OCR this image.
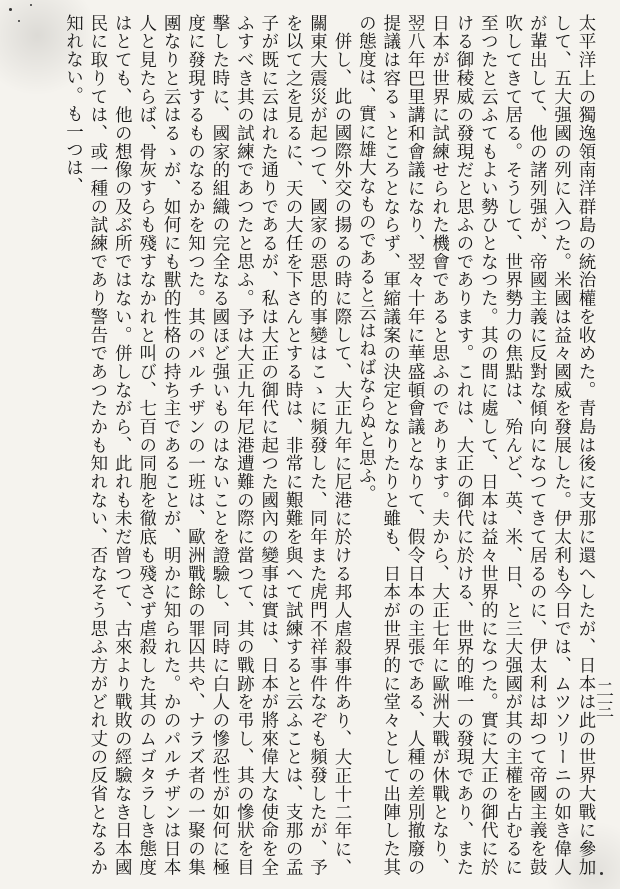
太平洋上の獨逸領南洋群島の統治權を收めた。青島は後に支那に還へしたが、日本は此の世界大戰に參加して、五大强國の列に入つた。米國は益々國威を發展した。伊太利も今日では、ムツソリーニの如き偉人が輩出して、他の諸列强が、帝國主義に反對な傾向になつてきて居るのに、伊太利は却つて帝國主義を鼓吹してきて居る。そうして、世界勢力の焦點は、殆んど、英、米、日、と三大强國が其の主權を占むるに至つたと云ふてもよい勢ひとなつた。其の間に處して、日本は益々世界的になつた。實に大正の御代に於ける御稜威の發現だと思ふのであります。これは、大正の御代に於ける、世界的唯一の發現であり、また日本が世界に試練せられた機會であると思ふのであります。夫から、大正七年に歐洲大戰が休戰となり、翌八年巴里講和會議になり、翌々十年に華盛頓會議となりて、假令日本の主張である、人種の差別撤廢の提議は容るゝところとならず、軍縮議案の決定となりたりと雖も、日本が世界的に堂々として出陣した其の態度は、實に雄大なものであると云はねばならぬと思ふ。

併し、此の國際外交の揚るの時に際して、大正九年に尼港に於ける邦人虐殺事件あり、大正十二年に、關東大震災が起つて、國家の惡思的事變はこゝに頻發した、同年また虎門不祥事件なぞも頻發したが、予を以て之を見るに、天の大任を下さんとする時は、非常に艱難を與へて試練すると云ふことは、支那の孟子が既に云はれた通りであるが、私は大正の御代に起つた國內の變事は實は、日本が將來偉大な使命を全ふすべき其の試練であつたと思ふ。予は大正九年尼港遭難の際に當つて、其の戰跡を弔し、其の慘狀を目擊した時に、國家的組織の完全なる國ほど强いものはないことを證驗し、同時に白人の慘忍性が如何に極度に發現するものなるかを知つた。其のパルチザンの一班は、歐洲戰餘の罪囚共や、ナラズ者の一聚の集團なりと云はるゝが、如何にも獸的性格の持ち主であることが、明かに知られた。かのパルチザンは日本人と見たらば、骨灰すらも殘すなかれと叫び、七百の同胞を徹底も殘さず虐殺した其のムゴタラしき態度はとても、他の想像の及ぶ所ではない。併しながら、此れも未だ曾つて、古來より戰敗の經驗なき日本國民に取りては、或一種の試練であり警告であつたかも知れない、否なそう思ふ方がどれ丈の反省となるか知れない。も一つは、

二三
